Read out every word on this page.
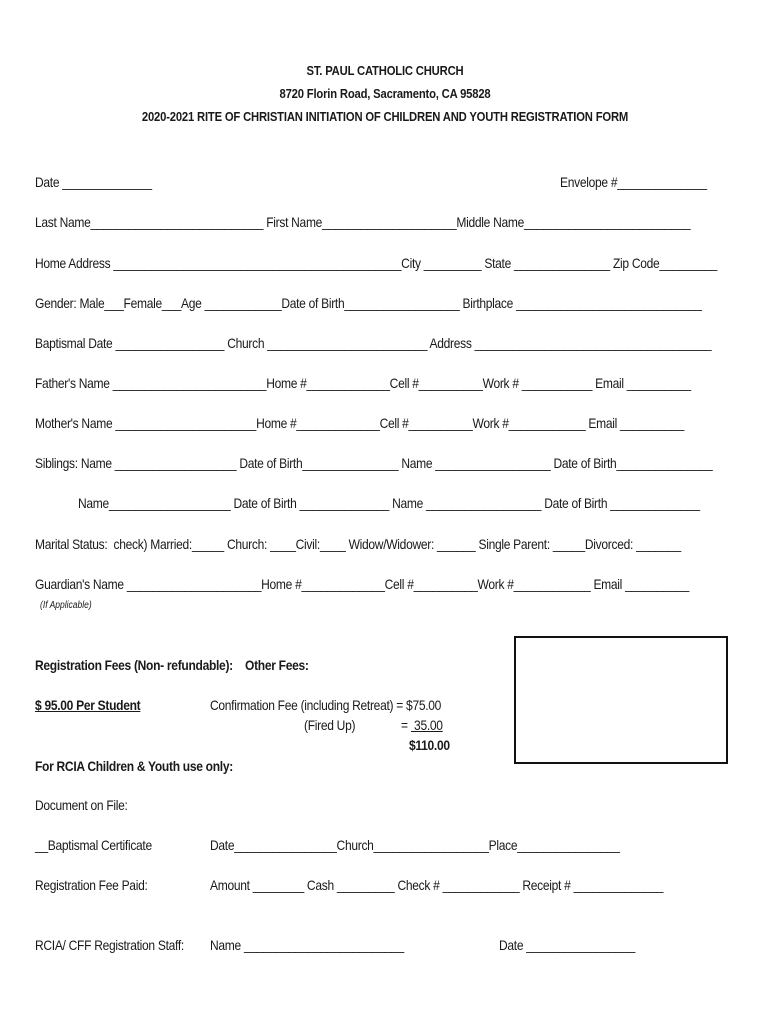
ST. PAUL CATHOLIC CHURCH
8720 Florin Road, Sacramento, CA 95828
2020-2021 RITE OF CHRISTIAN INITIATION OF CHILDREN AND YOUTH REGISTRATION FORM
Date ______________	Envelope #______________
Last Name___________________________ First Name_____________________Middle Name__________________________
Home Address _____________________________________________City _________ State _______________ Zip Code_________
Gender: Male___Female___Age ____________Date of Birth__________________ Birthplace _____________________________
Baptismal Date _________________ Church _________________________ Address _____________________________________
Father's Name ________________________Home #_____________Cell #__________Work # ___________ Email __________
Mother's Name ______________________Home #_____________Cell #__________Work #____________ Email __________
Siblings: Name ___________________ Date of Birth_______________ Name __________________ Date of Birth_______________
Name___________________ Date of Birth ______________ Name __________________ Date of Birth ______________
Marital Status:  check) Married:_____ Church: ____Civil:____ Widow/Widower: ______ Single Parent: _____Divorced: _______
Guardian's Name _____________________Home #_____________Cell #__________Work #____________ Email __________
(If Applicable)
Registration Fees (Non- refundable): Other Fees:
$ 95.00 Per Student	Confirmation Fee (including Retreat) = $75.00
(Fired Up)	= 35.00
$110.00
For RCIA Children & Youth use only:
Document on File:
__Baptismal Certificate	Date________________Church__________________Place________________
Registration Fee Paid:	Amount ________ Cash _________ Check # ____________ Receipt # ______________
RCIA/ CFF Registration Staff: Name _________________________	Date _________________
